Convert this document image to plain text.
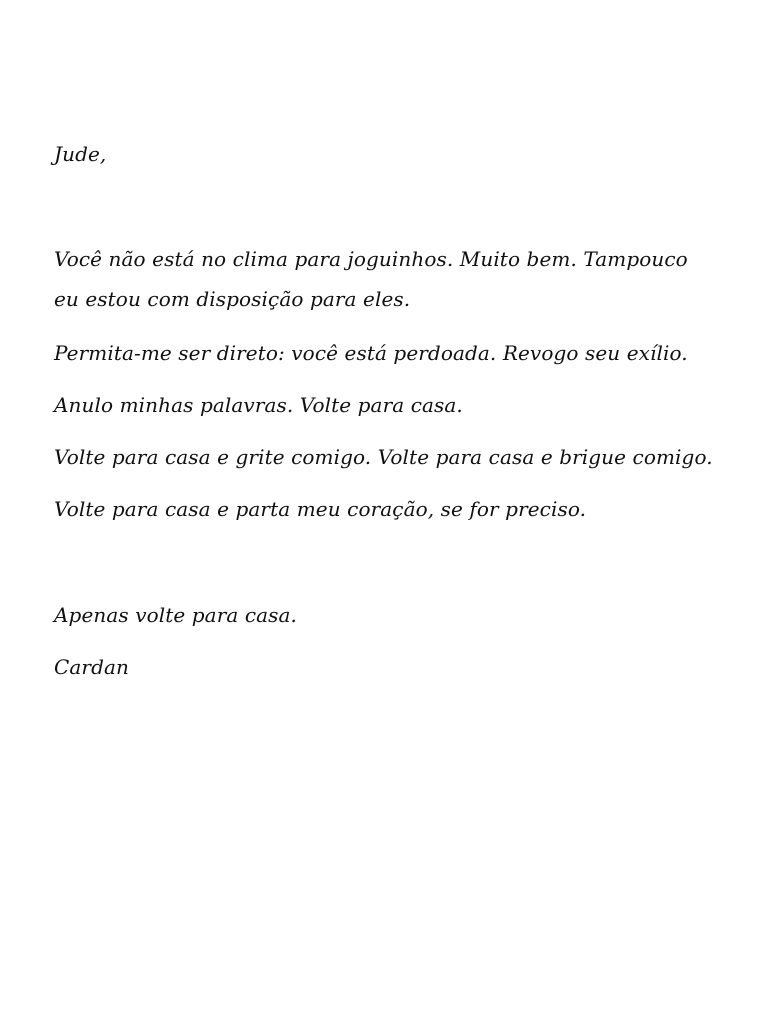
Jude,
Você não está no clima para joguinhos. Muito bem. Tampouco
eu estou com disposição para eles.
Permita-me ser direto: você está perdoada. Revogo seu exílio.
Anulo minhas palavras. Volte para casa.
Volte para casa e grite comigo. Volte para casa e brigue comigo.
Volte para casa e parta meu coração, se for preciso.
Apenas volte para casa.
Cardan
